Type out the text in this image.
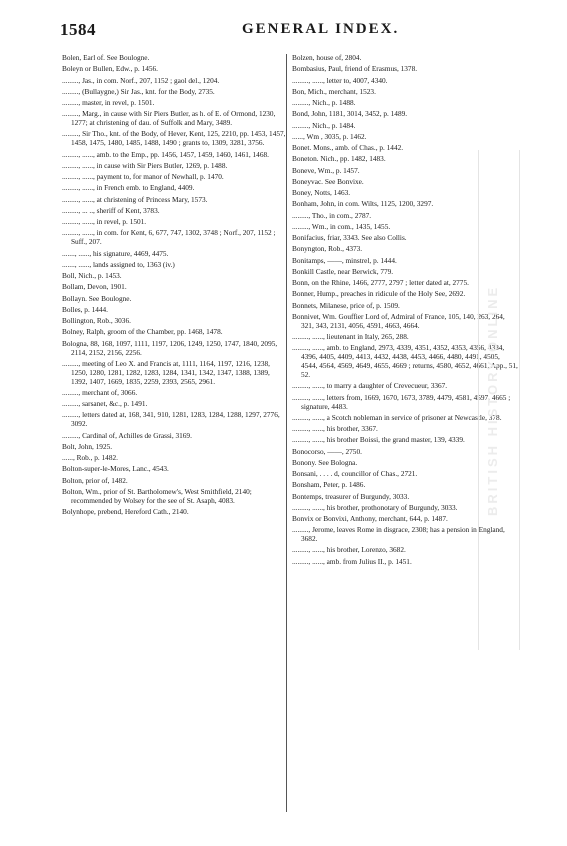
1584	GENERAL INDEX.

Bolen, Earl of. See Boulogne.

Boleyn or Bullen, Edw., p. 1456.

........., Jas., in com. Norf., 207, 1152 ; gaol del., 1204.

........., (Bullaygne,) Sir Jas., knt. for the Body, 2735.

........., master, in revel, p. 1501.

........., Marg., in cause with Sir Piers Butler, as h. of E. of Ormond, 1230, 1277; at christening of dau. of Suffolk and Mary, 3489.

........., Sir Tho., knt. of the Body, of Hever, Kent, 125, 2210, pp. 1453, 1457, 1458, 1475, 1480, 1485, 1488, 1490 ; grants to, 1309, 3281, 3756.

........., ......, amb. to the Emp., pp. 1456, 1457, 1459, 1460, 1461, 1468.

........., ......, in cause with Sir Piers Butler, 1269, p. 1488.

........., ......, payment to, for manor of Newhall, p. 1470.

........., ......, in French emb. to England, 4409.

........., ......, at christening of Princess Mary, 1573.

........., ... .., sheriff of Kent, 3783.

........., ......, in revel, p. 1501.

........., ......, in com. for Kent, 6, 677, 747, 1302, 3748 ; Norf., 207, 1152 ; Suff., 207.

......., ......, his signature, 4469, 4475.

......., ......, lands assigned to, 1363 (iv.)

Boll, Nich., p. 1453.

Bollam, Devon, 1901.

Bollayn. See Boulogne.

Bolles, p. 1444.

Bollington, Rob., 3036.

Bolney, Ralph, groom of the Chamber, pp. 1468, 1478.

Bologna, 88, 168, 1097, 1111, 1197, 1206, 1249, 1250, 1747, 1840, 2095, 2114, 2152, 2156, 2256.

........., meeting of Leo X. and Francis at, 1111, 1164, 1197, 1216, 1238, 1250, 1280, 1281, 1282, 1283, 1284, 1341, 1342, 1347, 1388, 1389, 1392, 1407, 1669, 1835, 2259, 2393, 2565, 2961.

........., merchant of, 3066.

........., sarsanet, &c., p. 1491.

........., letters dated at, 168, 341, 910, 1281, 1283, 1284, 1288, 1297, 2776, 3092.

........., Cardinal of, Achilles de Grassi, 3169.

Bolt, John, 1925.

......, Rob., p. 1482.

Bolton-super-le-Mores, Lanc., 4543.

Bolton, prior of, 1482.

Bolton, Wm., prior of St. Bartholomew's, West Smithfield, 2140; recommended by Wolsey for the see of St. Asaph, 4083.

Bolynhope, prebend, Hereford Cath., 2140.

Bolzen, house of, 2804.

Bombasius, Paul, friend of Erasmus, 1378.

........., ......, letter to, 4007, 4340.

Bon, Mich., merchant, 1523.

........., Nich., p. 1488.

Bond, John, 1181, 3014, 3452, p. 1489.

........., Nich., p. 1484.

......, Wm , 3035, p. 1462.

Bonet. Mons., amb. of Chas., p. 1442.

Boneton. Nich., pp. 1482, 1483.

Boneve, Wm., p. 1457.

Boneyvac. See Bonvixe.

Boney, Notts, 1463.

Bonham, John, in com. Wilts, 1125, 1200, 3297.

........., Tho., in com., 2787.

........., Wm., in com., 1435, 1455.

Bonifacius, friar, 3343. See also Collis.

Bonyngton, Rob., 4373.

Bonitamps, ——, minstrel, p. 1444.

Bonkill Castle, near Berwick, 779.

Bonn, on the Rhine, 1466, 2777, 2797 ; letter dated at, 2775.

Bonner, Hump., preaches in ridicule of the Holy See, 2692.

Bonnets, Milanese, price of, p. 1509.

Bonnivet, Wm. Gouffier Lord of, Admiral of France, 105, 140, 263, 264, 321, 343, 2131, 4056, 4591, 4663, 4664.

........., ......, lieutenant in Italy, 265, 288.

........., ......, amb. to England, 2973, 4339, 4351, 4352, 4353, 4356, 4384, 4396, 4405, 4409, 4413, 4432, 4438, 4453, 4466, 4480, 4491, 4505, 4544, 4564, 4569, 4649, 4655, 4669 ; returns, 4580, 4652, 4661, App., 51, 52.

........., ......, to marry a daughter of Crevecueur, 3367.

........., ......, letters from, 1669, 1670, 1673, 3789, 4479, 4581, 4597, 4665 ; signature, 4483.

........., ......, a Scotch nobleman in service of prisoner at Newcastle, 378.

........., ......, his brother, 3367.

........., ......, his brother Boissi, the grand master, 139, 4339.

Bonocorso, ——, 2750.

Bonony. See Bologna.

Bonsani, . . . . d, councillor of Chas., 2721.

Bonsham, Peter, p. 1486.

Bontemps, treasurer of Burgundy, 3033.

........., ......, his brother, prothonotary of Burgundy, 3033.

Bonvix or Bonvixi, Anthony, merchant, 644, p. 1487.

........., Jerome, leaves Rome in disgrace, 2308; has a pension in England, 3682.

........., ......, his brother, Lorenzo, 3682.

........., ......, amb. from Julius II., p. 1451.

BRITISH HISTORY ONLINE
